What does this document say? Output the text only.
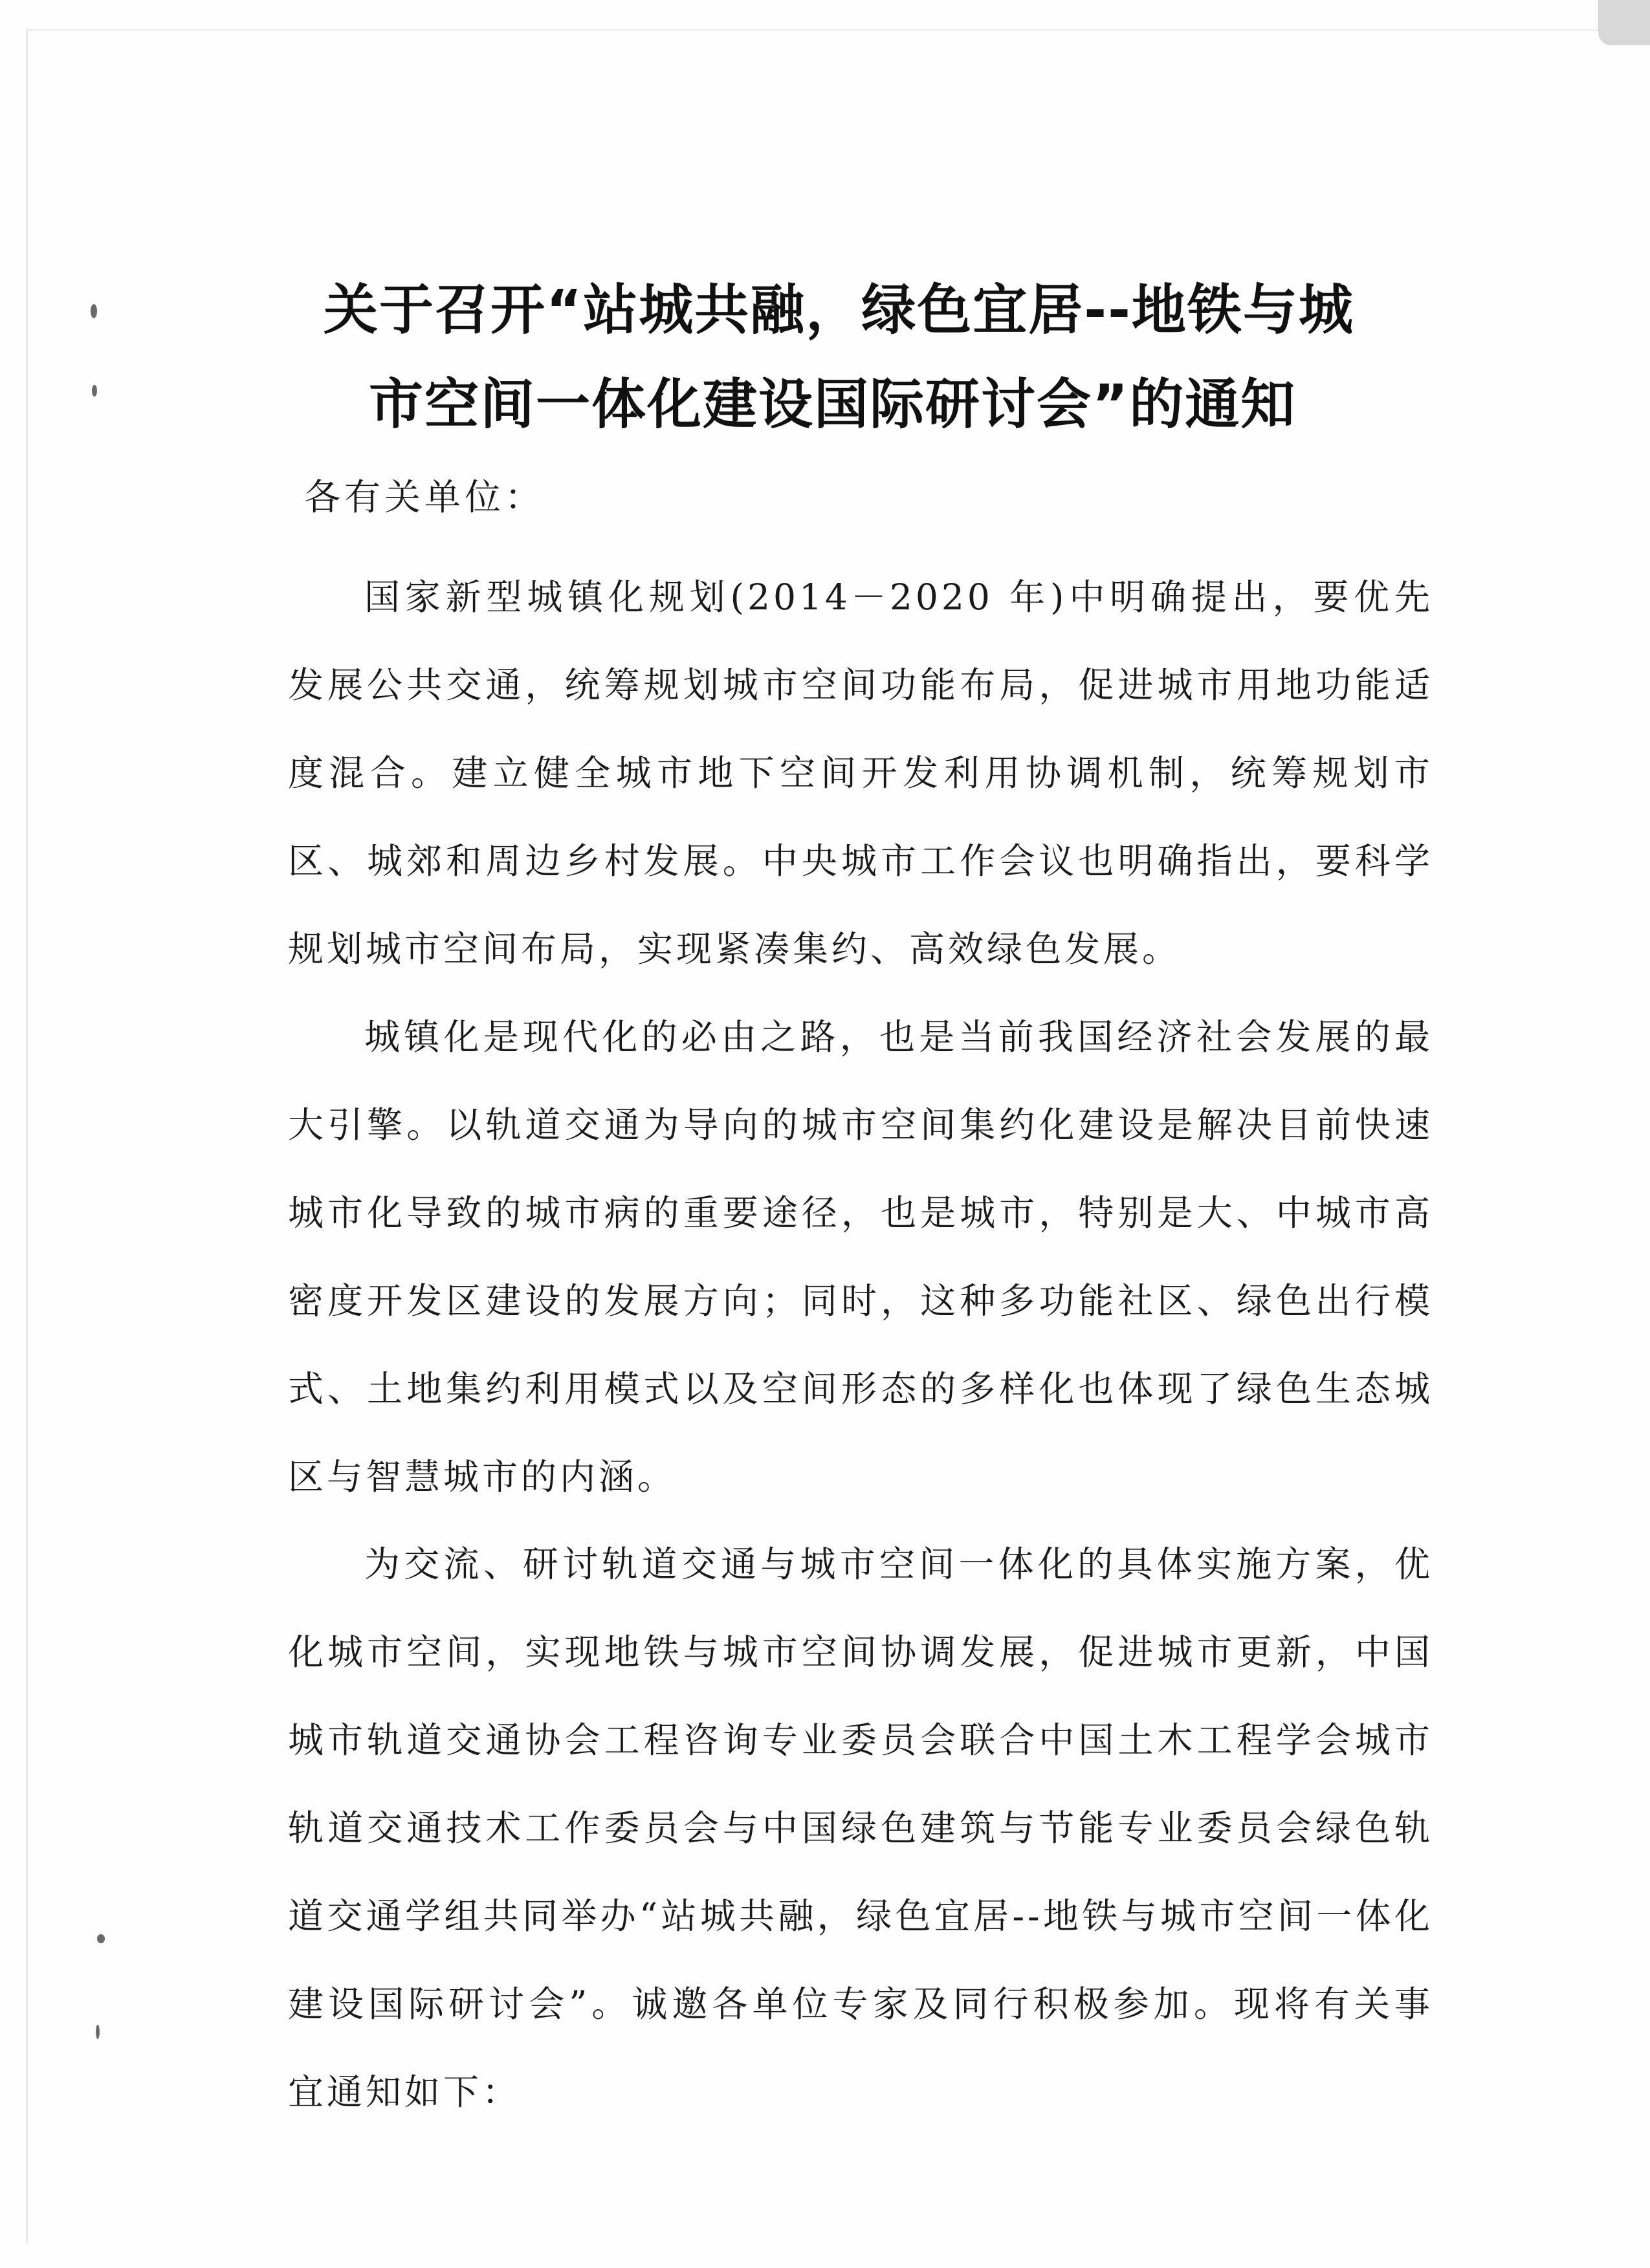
关于召开“站城共融，绿色宜居--地铁与城
市空间一体化建设国际研讨会”的通知
各有关单位：

国家新型城镇化规划(2014－2020 年)中明确提出，要优先发展公共交通，统筹规划城市空间功能布局，促进城市用地功能适度混合。建立健全城市地下空间开发利用协调机制，统筹规划市区、城郊和周边乡村发展。中央城市工作会议也明确指出，要科学规划城市空间布局，实现紧凑集约、高效绿色发展。

城镇化是现代化的必由之路，也是当前我国经济社会发展的最大引擎。以轨道交通为导向的城市空间集约化建设是解决目前快速城市化导致的城市病的重要途径，也是城市，特别是大、中城市高密度开发区建设的发展方向；同时，这种多功能社区、绿色出行模式、土地集约利用模式以及空间形态的多样化也体现了绿色生态城区与智慧城市的内涵。

为交流、研讨轨道交通与城市空间一体化的具体实施方案，优化城市空间，实现地铁与城市空间协调发展，促进城市更新，中国城市轨道交通协会工程咨询专业委员会联合中国土木工程学会城市轨道交通技术工作委员会与中国绿色建筑与节能专业委员会绿色轨道交通学组共同举办“站城共融，绿色宜居--地铁与城市空间一体化建设国际研讨会”。诚邀各单位专家及同行积极参加。现将有关事宜通知如下：
